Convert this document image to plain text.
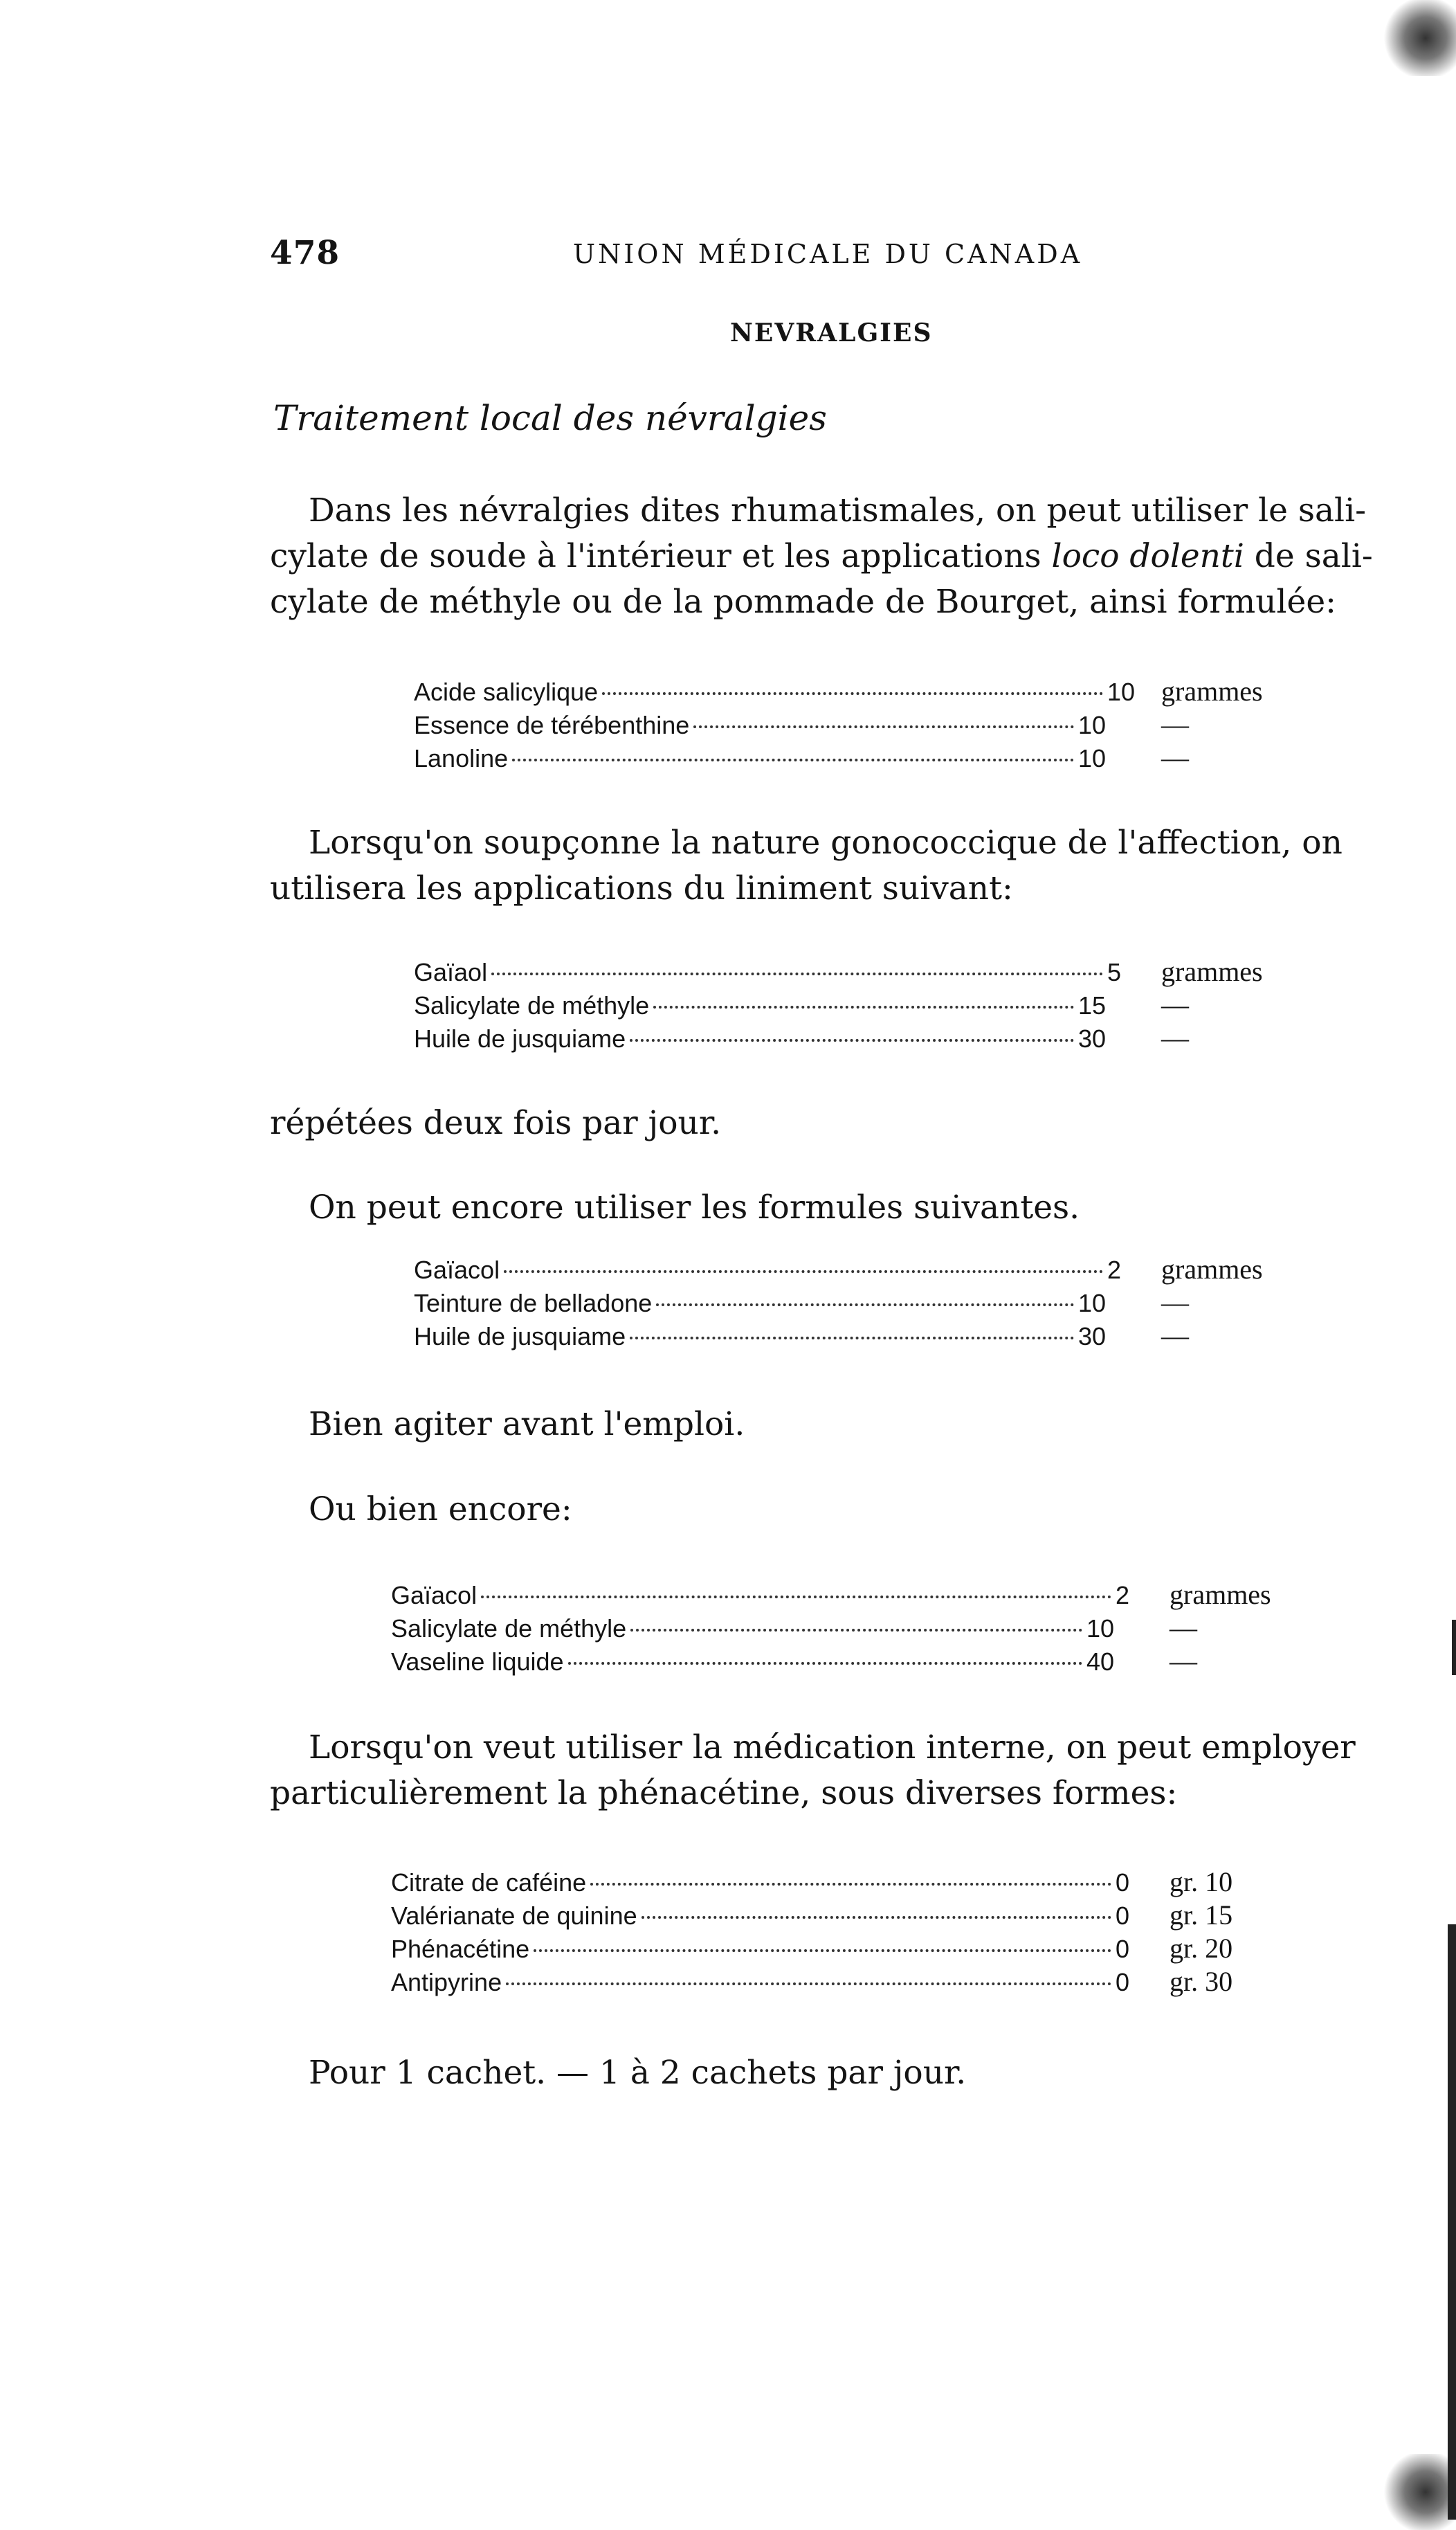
478	UNION MÉDICALE DU CANADA
NEVRALGIES
Traitement local des névralgies
Dans les névralgies dites rhumatismales, on peut utiliser le sali-
cylate de soude à l'intérieur et les applications loco dolenti de sali-
cylate de méthyle ou de la pommade de Bourget, ainsi formulée:
Acide salicylique	10 grammes
Essence de térébenthine	10	—
Lanoline	10	—
Lorsqu'on soupçonne la nature gonococcique de l'affection, on
utilisera les applications du liniment suivant:
Gaïaol	5	grammes
Salicylate de méthyle	15	—
Huile de jusquiame	30	—
répétées deux fois par jour.
On peut encore utiliser les formules suivantes.
Gaïacol	2	grammes
Teinture de belladone	10	—
Huile de jusquiame	30	—
Bien agiter avant l'emploi.
Ou bien encore:
Gaïacol	2	grammes
Salicylate de méthyle	10	—
Vaseline liquide	40	—
Lorsqu'on veut utiliser la médication interne, on peut employer
particulièrement la phénacétine, sous diverses formes:
Citrate de caféine	0	gr. 10
Valérianate de quinine	0	gr. 15
Phénacétine	0	gr. 20
Antipyrine	0	gr. 30
Pour 1 cachet. — 1 à 2 cachets par jour.
